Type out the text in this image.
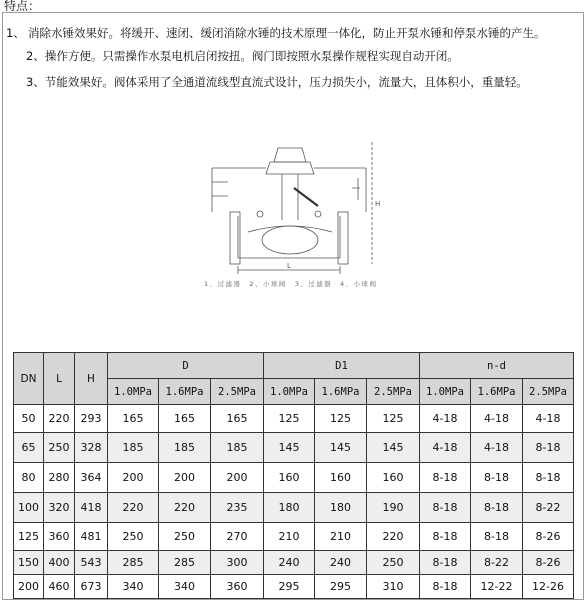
特点：
1、 消除水锤效果好。将缓开、速闭、缓闭消除水锤的技术原理一体化，防止开泵水锤和停泵水锤的产生。
2、操作方便。只需操作水泵电机启闭按扭。阀门即按照水泵操作规程实现自动开闭。
3、节能效果好。阀体采用了全通道流线型直流式设计，压力损失小，流量大，且体积小，重量轻。
L
H
1、过滤器　2、小球阀　3、过滤器　4、小球阀
DN	L	H	D			D1			n-d		
			1.0MPa	1.6MPa	2.5MPa	1.0MPa	1.6MPa	2.5MPa	1.0MPa	1.6MPa	2.5MPa
50	220	293	165	165	165	125	125	125	4-18	4-18	4-18
65	250	328	185	185	185	145	145	145	4-18	4-18	8-18
80	280	364	200	200	200	160	160	160	8-18	8-18	8-18
100	320	418	220	220	235	180	180	190	8-18	8-18	8-22
125	360	481	250	250	270	210	210	220	8-18	8-18	8-26
150	400	543	285	285	300	240	240	250	8-18	8-22	8-26
200	460	673	340	340	360	295	295	310	8-18	12-22	12-26
